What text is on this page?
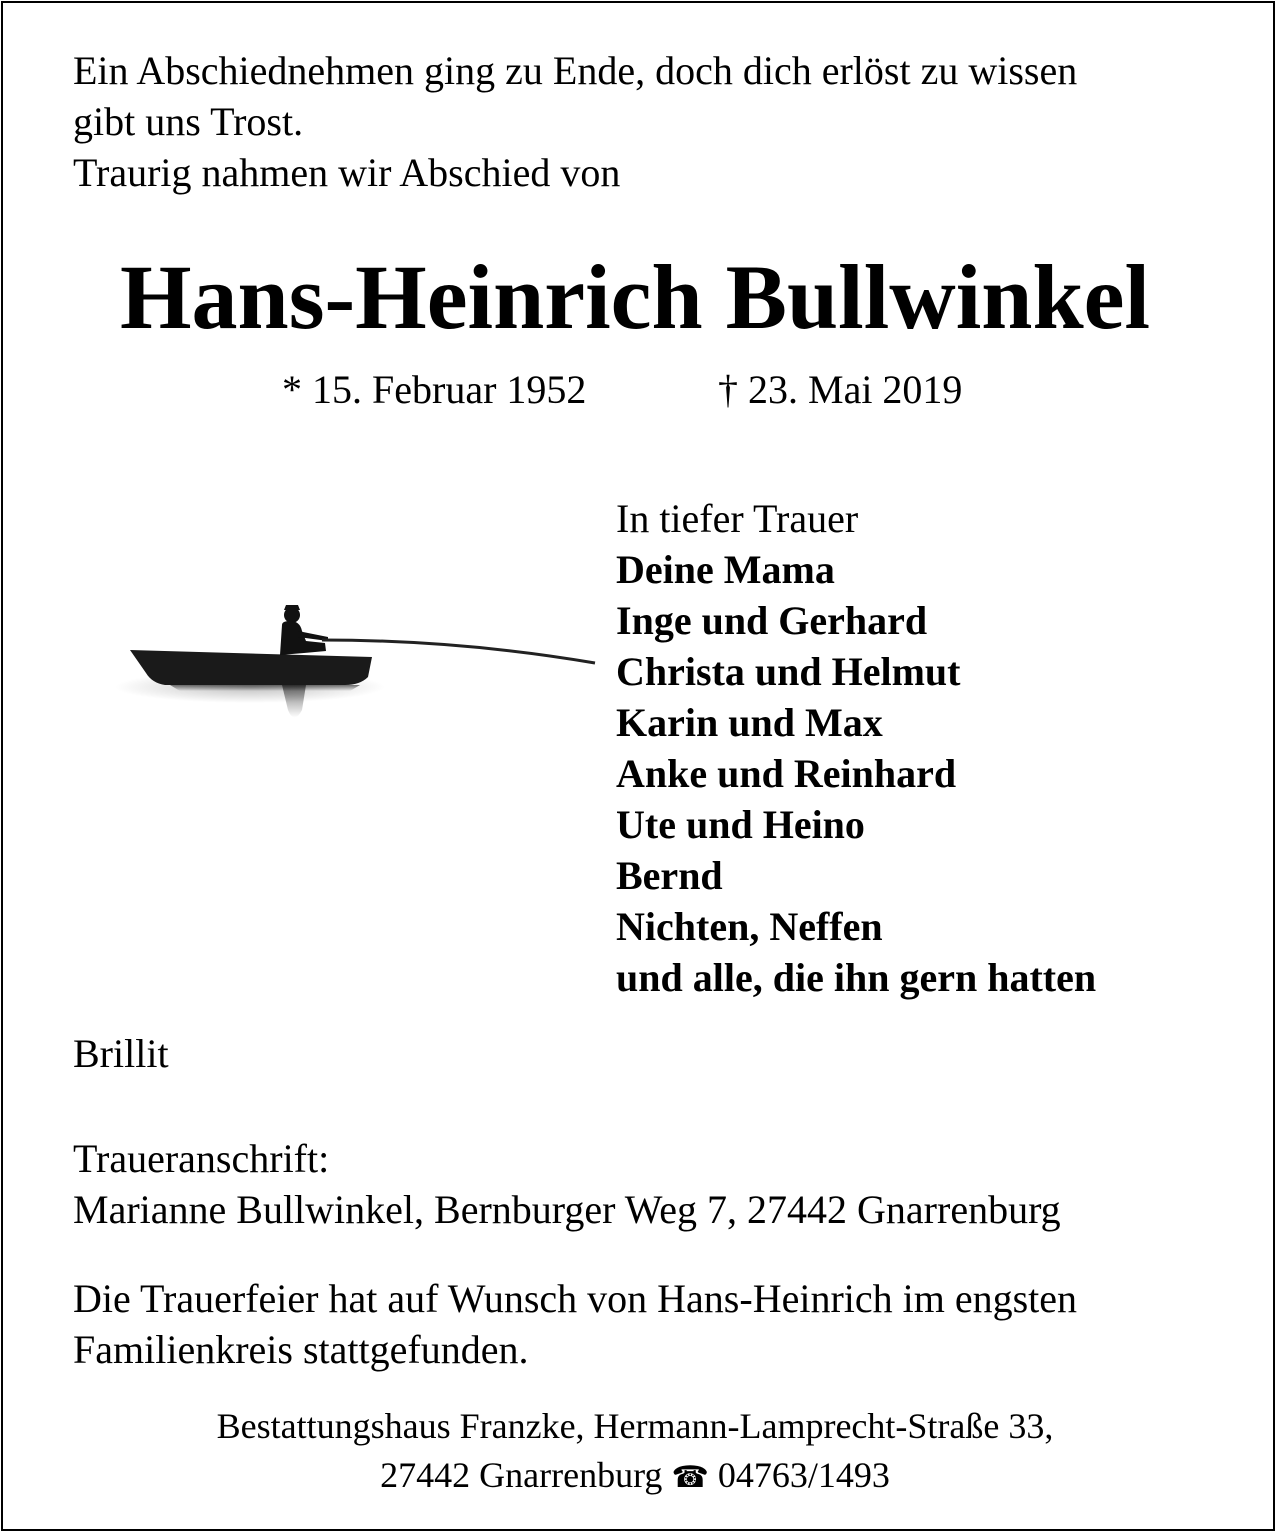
Ein Abschiednehmen ging zu Ende, doch dich erlöst zu wissen
gibt uns Trost.
Traurig nahmen wir Abschied von
Hans-Heinrich Bullwinkel
* 15. Februar 1952	† 23. Mai 2019
In tiefer Trauer
Deine Mama
Inge und Gerhard
Christa und Helmut
Karin und Max
Anke und Reinhard
Ute und Heino
Bernd
Nichten, Neffen
und alle, die ihn gern hatten
Brillit
Traueranschrift:
Marianne Bullwinkel, Bernburger Weg 7, 27442 Gnarrenburg
Die Trauerfeier hat auf Wunsch von Hans-Heinrich im engsten
Familienkreis stattgefunden.
Bestattungshaus Franzke, Hermann-Lamprecht-Straße 33,
27442 Gnarrenburg ☎ 04763/1493
